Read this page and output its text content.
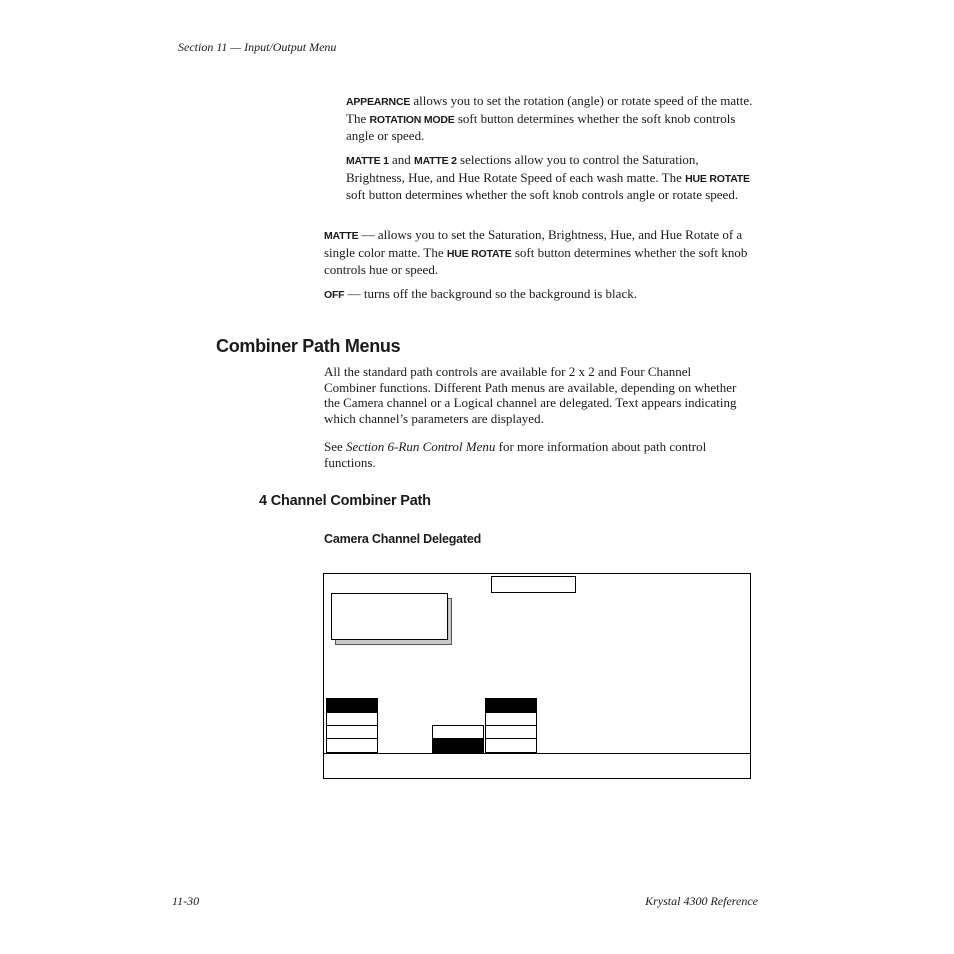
Section 11 — Input/Output Menu
APPEARNCE allows you to set the rotation (angle) or rotate speed of the matte. The ROTATION MODE soft button determines whether the soft knob controls angle or speed.
MATTE 1 and MATTE 2 selections allow you to control the Saturation, Brightness, Hue, and Hue Rotate Speed of each wash matte. The HUE ROTATE soft button determines whether the soft knob controls angle or rotate speed.
MATTE — allows you to set the Saturation, Brightness, Hue, and Hue Rotate of a single color matte. The HUE ROTATE soft button determines whether the soft knob controls hue or speed.
OFF — turns off the background so the background is black.
Combiner Path Menus
All the standard path controls are available for 2 x 2 and Four Channel Combiner functions. Different Path menus are available, depending on whether the Camera channel or a Logical channel are delegated. Text appears indicating which channel’s parameters are displayed.
See Section 6-Run Control Menu for more information about path control functions.
4 Channel Combiner Path
Camera Channel Delegated
11-30	Krystal 4300 Reference
